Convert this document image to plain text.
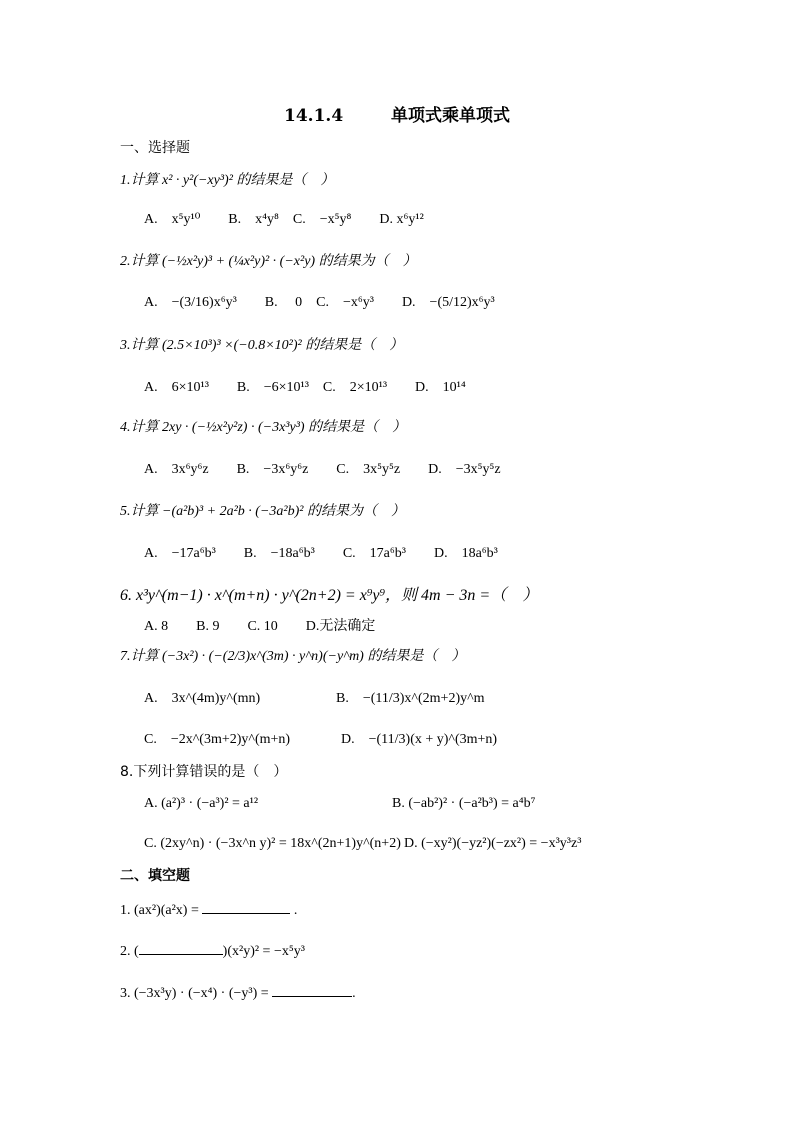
14.1.4	单项式乘单项式
一、选择题
1.计算 x² · y²(−xy³)² 的结果是（　）
A.　x⁵y¹⁰　　B.　x⁴y⁸　C.　−x⁵y⁸　　D. x⁶y¹²
2.计算 (−½x²y)³ + (¼x²y)² · (−x²y) 的结果为（　）
A.　−(3/16)x⁶y³　　B.　 0　C.　−x⁶y³　　D.　−(5/12)x⁶y³
3.计算 (2.5×10³)³ ×(−0.8×10²)² 的结果是（　）
A.　6×10¹³　　B.　−6×10¹³　C.　2×10¹³　　D.　10¹⁴
4.计算 2xy · (−½x²y²z) · (−3x³y³) 的结果是（　）
A.　3x⁶y⁶z　　B.　−3x⁶y⁶z　　C.　3x⁵y⁵z　　D.　−3x⁵y⁵z
5.计算 −(a²b)³ + 2a²b · (−3a²b)² 的结果为（　）
A.　−17a⁶b³　　B.　−18a⁶b³　　C.　17a⁶b³　　D.　18a⁶b³
6. x³y^(m−1) · x^(m+n) · y^(2n+2) = x⁹y⁹，则 4m − 3n =（　）
A. 8　　B. 9　　C. 10　　D.无法确定
7.计算 (−3x²) · (−(2/3)x^(3m) · y^n)(−y^m) 的结果是（　）
A.　3x^(4m)y^(mn)	B.　−(11/3)x^(2m+2)y^m
C.　−2x^(3m+2)y^(m+n)	D.　−(11/3)(x + y)^(3m+n)
8.下列计算错误的是（　）
A. (a²)³ · (−a³)² = a¹²	B. (−ab²)² · (−a²b³) = a⁴b⁷
C. (2xy^n) · (−3x^n y)² = 18x^(2n+1)y^(n+2) D. (−xy²)(−yz²)(−zx²) = −x³y³z³
二、填空题
1. (ax²)(a²x) =	.
2. (	)(x²y)² = −x⁵y³
3. (−3x³y) · (−x⁴) · (−y³) =	.
